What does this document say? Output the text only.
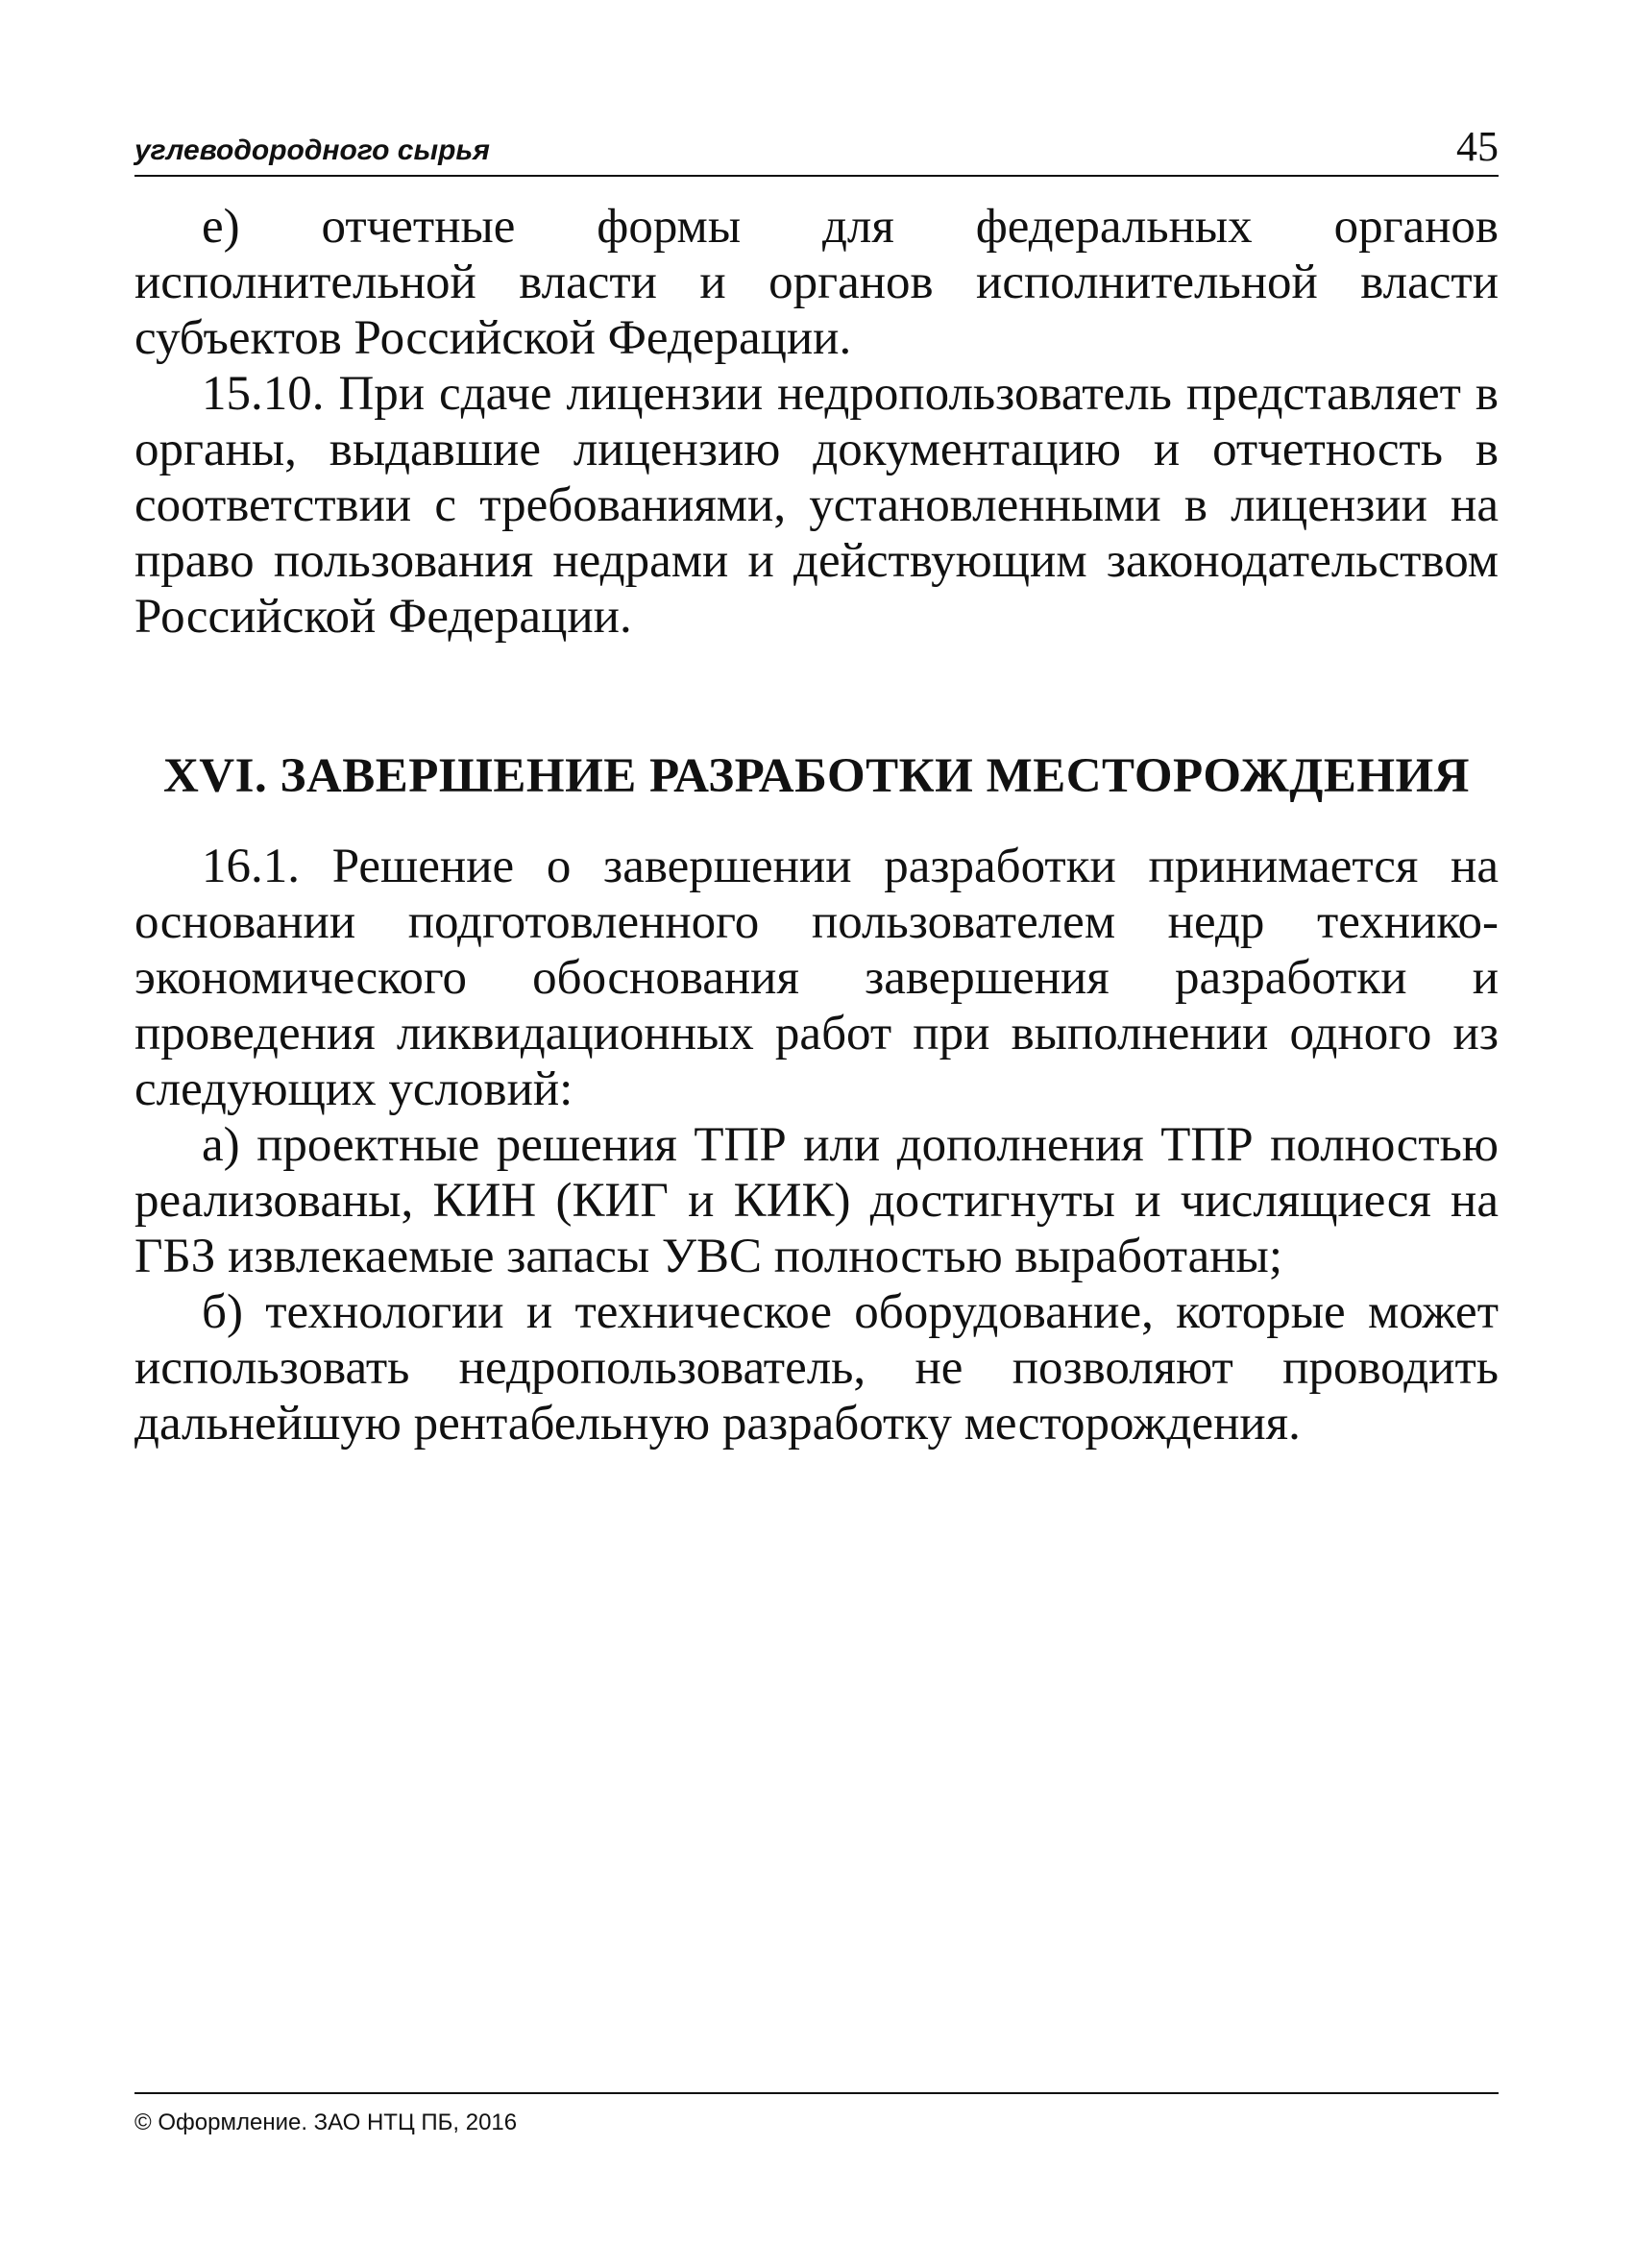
углеводородного сырья	45

е) отчетные формы для федеральных органов исполнительной власти и органов исполнительной власти субъектов Российской Федерации.

15.10. При сдаче лицензии недропользователь представляет в органы, выдавшие лицензию документацию и отчетность в соответствии с требованиями, установленными в лицензии на право пользования недрами и действующим законодательством Российской Федерации.

XVI. ЗАВЕРШЕНИЕ РАЗРАБОТКИ МЕСТОРОЖДЕНИЯ

16.1. Решение о завершении разработки принимается на основании подготовленного пользователем недр технико-экономического обоснования завершения разработки и проведения ликвидационных работ при выполнении одного из следующих условий:

а) проектные решения ТПР или дополнения ТПР полностью реализованы, КИН (КИГ и КИК) достигнуты и числящиеся на ГБЗ извлекаемые запасы УВС полностью выработаны;

б) технологии и техническое оборудование, которые может использовать недропользователь, не позволяют проводить дальнейшую рентабельную разработку месторождения.

© Оформление. ЗАО НТЦ ПБ, 2016
